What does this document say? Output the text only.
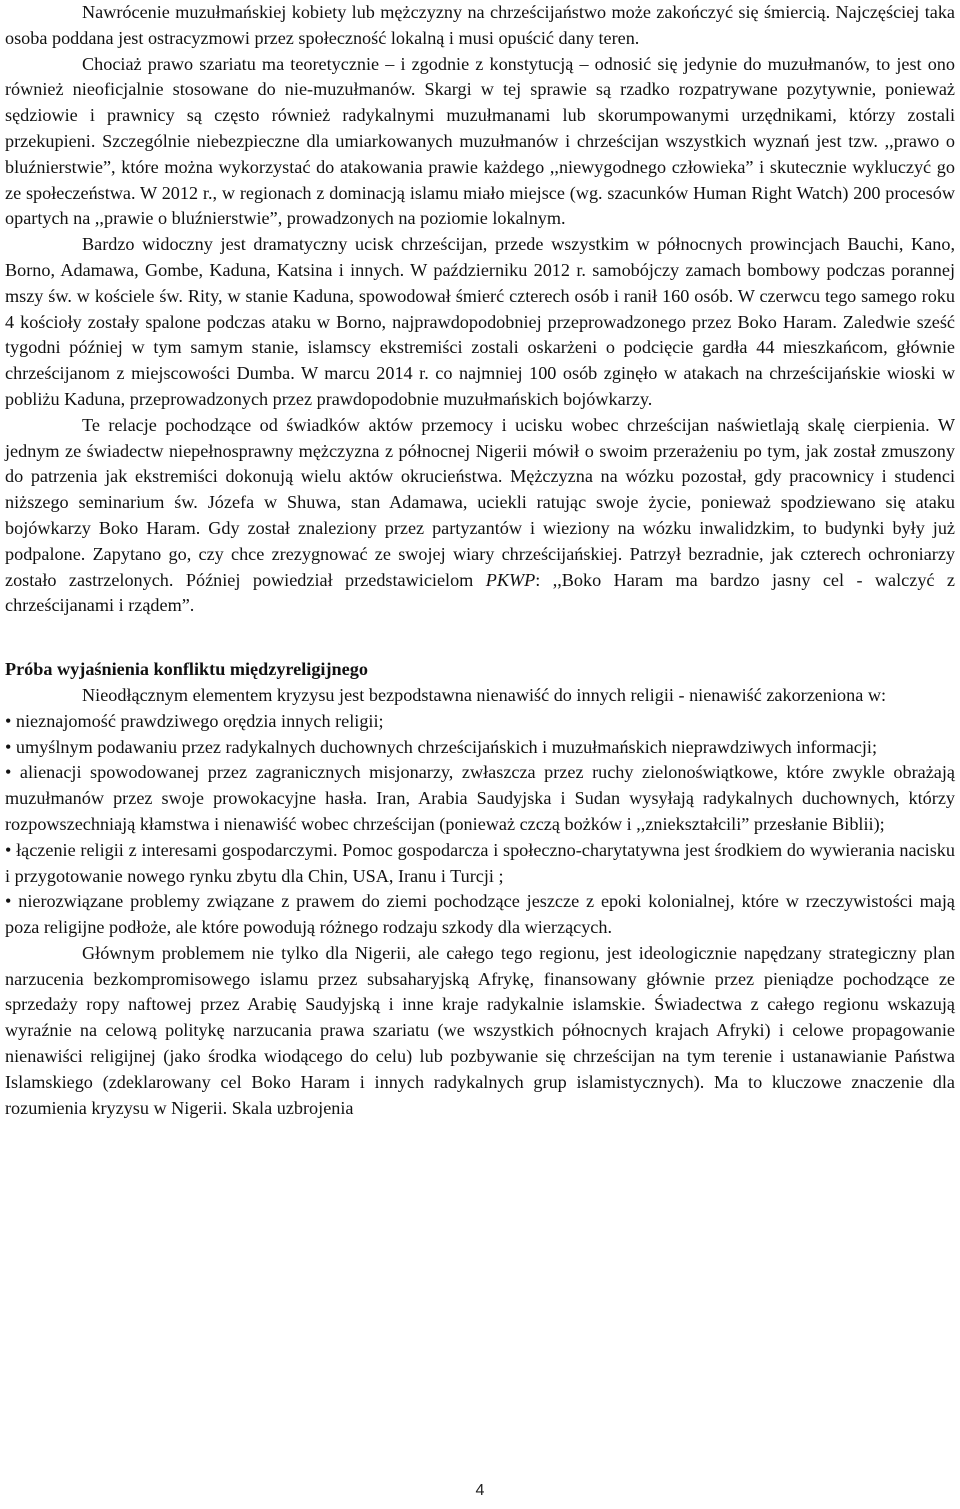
Nawrócenie muzułmańskiej kobiety lub mężczyzny na chrześcijaństwo może zakończyć się śmiercią. Najczęściej taka osoba poddana jest ostracyzmowi przez społeczność lokalną i musi opuścić dany teren.

Chociaż prawo szariatu ma teoretycznie – i zgodnie z konstytucją – odnosić się jedynie do muzułmanów, to jest ono również nieoficjalnie stosowane do nie-muzułmanów. Skargi w tej sprawie są rzadko rozpatrywane pozytywnie, ponieważ sędziowie i prawnicy są często również radykalnymi muzułmanami lub skorumpowanymi urzędnikami, którzy zostali przekupieni. Szczególnie niebezpieczne dla umiarkowanych muzułmanów i chrześcijan wszystkich wyznań jest tzw. ,,prawo o bluźnierstwie”, które można wykorzystać do atakowania prawie każdego ,,niewygodnego człowieka” i skutecznie wykluczyć go ze społeczeństwa. W 2012 r., w regionach z dominacją islamu miało miejsce (wg. szacunków Human Right Watch) 200 procesów opartych na ,,prawie o bluźnierstwie”, prowadzonych na poziomie lokalnym.

Bardzo widoczny jest dramatyczny ucisk chrześcijan, przede wszystkim w północnych prowincjach Bauchi, Kano, Borno, Adamawa, Gombe, Kaduna, Katsina i innych. W październiku 2012 r. samobójczy zamach bombowy podczas porannej mszy św. w kościele św. Rity, w stanie Kaduna, spowodował śmierć czterech osób i ranił 160 osób. W czerwcu tego samego roku 4 kościoły zostały spalone podczas ataku w Borno, najprawdopodobniej przeprowadzonego przez Boko Haram. Zaledwie sześć tygodni później w tym samym stanie, islamscy ekstremiści zostali oskarżeni o podcięcie gardła 44 mieszkańcom, głównie chrześcijanom z miejscowości Dumba. W marcu 2014 r. co najmniej 100 osób zginęło w atakach na chrześcijańskie wioski w pobliżu Kaduna, przeprowadzonych przez prawdopodobnie muzułmańskich bojówkarzy.

Te relacje pochodzące od świadków aktów przemocy i ucisku wobec chrześcijan naświetlają skalę cierpienia. W jednym ze świadectw niepełnosprawny mężczyzna z północnej Nigerii mówił o swoim przerażeniu po tym, jak został zmuszony do patrzenia jak ekstremiści dokonują wielu aktów okrucieństwa. Mężczyzna na wózku pozostał, gdy pracownicy i studenci niższego seminarium św. Józefa w Shuwa, stan Adamawa, uciekli ratując swoje życie, ponieważ spodziewano się ataku bojówkarzy Boko Haram. Gdy został znaleziony przez partyzantów i wieziony na wózku inwalidzkim, to budynki były już podpalone. Zapytano go, czy chce zrezygnować ze swojej wiary chrześcijańskiej. Patrzył bezradnie, jak czterech ochroniarzy zostało zastrzelonych. Później powiedział przedstawicielom PKWP: ,,Boko Haram ma bardzo jasny cel - walczyć z chrześcijanami i rządem”.

Próba wyjaśnienia konfliktu międzyreligijnego

Nieodłącznym elementem kryzysu jest bezpodstawna nienawiść do innych religii - nienawiść zakorzeniona w:

• nieznajomość prawdziwego orędzia innych religii;

• umyślnym podawaniu przez radykalnych duchownych chrześcijańskich i muzułmańskich nieprawdziwych informacji;

• alienacji spowodowanej przez zagranicznych misjonarzy, zwłaszcza przez ruchy zielonoświątkowe, które zwykle obrażają muzułmanów przez swoje prowokacyjne hasła. Iran, Arabia Saudyjska i Sudan wysyłają radykalnych duchownych, którzy rozpowszechniają kłamstwa i nienawiść wobec chrześcijan (ponieważ czczą bożków i ,,zniekształcili” przesłanie Biblii);

• łączenie religii z interesami gospodarczymi. Pomoc gospodarcza i społeczno-charytatywna jest środkiem do wywierania nacisku i przygotowanie nowego rynku zbytu dla Chin, USA, Iranu i Turcji ;

• nierozwiązane problemy związane z prawem do ziemi pochodzące jeszcze z epoki kolonialnej, które w rzeczywistości mają poza religijne podłoże, ale które powodują różnego rodzaju szkody dla wierzących.

Głównym problemem nie tylko dla Nigerii, ale całego tego regionu, jest ideologicznie napędzany strategiczny plan narzucenia bezkompromisowego islamu przez subsaharyjską Afrykę, finansowany głównie przez pieniądze pochodzące ze sprzedaży ropy naftowej przez Arabię Saudyjską i inne kraje radykalnie islamskie. Świadectwa z całego regionu wskazują wyraźnie na celową politykę narzucania prawa szariatu (we wszystkich północnych krajach Afryki) i celowe propagowanie nienawiści religijnej (jako środka wiodącego do celu) lub pozbywanie się chrześcijan na tym terenie i ustanawianie Państwa Islamskiego (zdeklarowany cel Boko Haram i innych radykalnych grup islamistycznych). Ma to kluczowe znaczenie dla rozumienia kryzysu w Nigerii. Skala uzbrojenia

4
